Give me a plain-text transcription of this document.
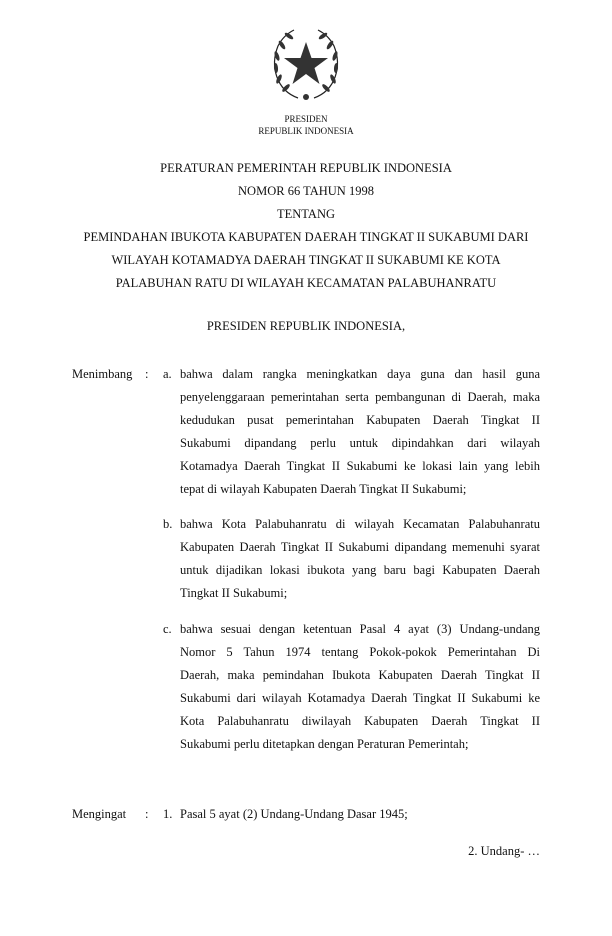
PRESIDEN
REPUBLIK INDONESIA
PERATURAN PEMERINTAH REPUBLIK INDONESIA
NOMOR 66 TAHUN 1998
TENTANG
PEMINDAHAN IBUKOTA KABUPATEN DAERAH TINGKAT II SUKABUMI DARI
WILAYAH KOTAMADYA DAERAH TINGKAT II SUKABUMI KE KOTA
PALABUHAN RATU DI WILAYAH KECAMATAN PALABUHANRATU
PRESIDEN REPUBLIK INDONESIA,
Menimbang :
Mengingat : 1. Pasal 5 ayat (2) Undang-Undang Dasar 1945;
2. Undang- …
a. bahwa dalam rangka meningkatkan daya guna dan hasil guna
penyelenggaraan pemerintahan serta pembangunan di Daerah, maka
kedudukan pusat pemerintahan Kabupaten Daerah Tingkat II
Sukabumi dipandang perlu untuk dipindahkan dari wilayah
Kotamadya Daerah Tingkat II Sukabumi ke lokasi lain yang lebih
tepat di wilayah Kabupaten Daerah Tingkat II Sukabumi;
b. bahwa Kota Palabuhanratu di wilayah Kecamatan Palabuhanratu
Kabupaten Daerah Tingkat II Sukabumi dipandang memenuhi syarat
untuk dijadikan lokasi ibukota yang baru bagi Kabupaten Daerah
Tingkat II Sukabumi;
c. bahwa sesuai dengan ketentuan Pasal 4 ayat (3) Undang-undang
Nomor 5 Tahun 1974 tentang Pokok-pokok Pemerintahan Di
Daerah, maka pemindahan Ibukota Kabupaten Daerah Tingkat II
Sukabumi dari wilayah Kotamadya Daerah Tingkat II Sukabumi ke
Kota Palabuhanratu diwilayah Kabupaten Daerah Tingkat II
Sukabumi perlu ditetapkan dengan Peraturan Pemerintah;
